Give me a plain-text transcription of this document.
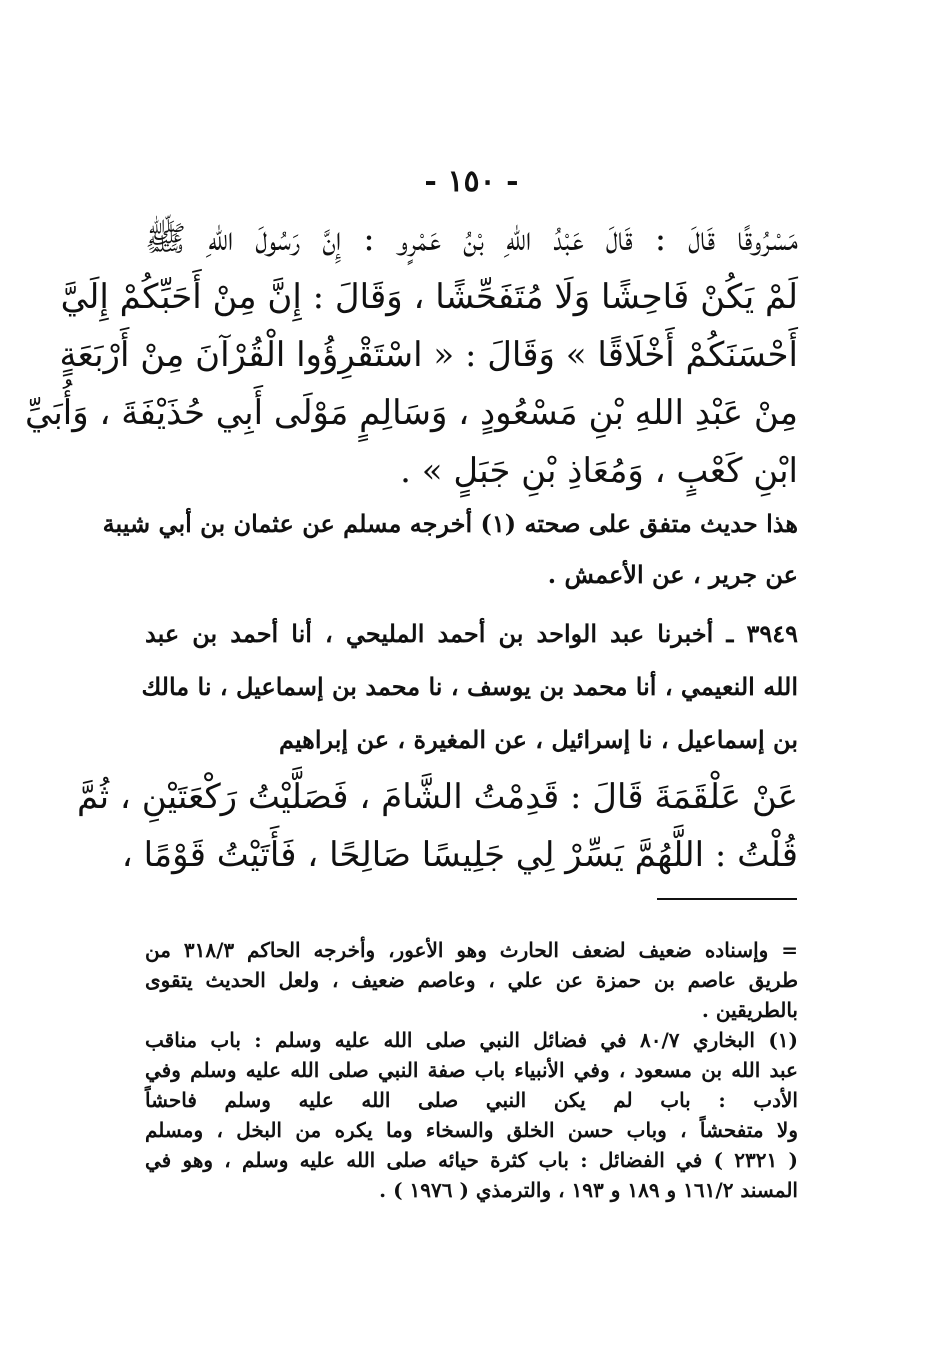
- ١٥٠ -
مَسْرُوقًا قَالَ : قَالَ عَبْدُ اللهِ بْنُ عَمْرٍو : إِنَّ رَسُولَ اللهِ ﷺ
لَمْ يَكُنْ فَاحِشًا وَلَا مُتَفَحِّشًا ، وَقَالَ : إِنَّ مِنْ أَحَبِّكُمْ إِلَيَّ
أَحْسَنَكُمْ أَخْلَاقًا » وَقَالَ : « اسْتَقْرِؤُوا الْقُرْآنَ مِنْ أَرْبَعَةٍ
مِنْ عَبْدِ اللهِ بْنِ مَسْعُودٍ ، وَسَالِمٍ مَوْلَى أَبِي حُذَيْفَةَ ، وَأُبَيِّ
ابْنِ كَعْبٍ ، وَمُعَاذِ بْنِ جَبَلٍ » .
هذا حديث متفق على صحته (١) أخرجه مسلم عن عثمان بن أبي شيبة
عن جرير ، عن الأعمش .
٣٩٤٩ ـ أخبرنا عبد الواحد بن أحمد المليحي ، أنا أحمد بن عبد
الله النعيمي ، أنا محمد بن يوسف ، نا محمد بن إسماعيل ، نا مالك
بن إسماعيل ، نا إسرائيل ، عن المغيرة ، عن إبراهيم
عَنْ عَلْقَمَةَ قَالَ : قَدِمْتُ الشَّامَ ، فَصَلَّيْتُ رَكْعَتَيْنِ ، ثُمَّ
قُلْتُ : اللَّهُمَّ يَسِّرْ لِي جَلِيسًا صَالِحًا ، فَأَتَيْتُ قَوْمًا ،
= وإسناده ضعيف لضعف الحارث وهو الأعور، وأخرجه الحاكم ٣١٨/٣ من
طريق عاصم بن حمزة عن علي ، وعاصم ضعيف ، ولعل الحديث يتقوى
بالطريقين .
(١) البخاري ٨٠/٧ في فضائل النبي صلى الله عليه وسلم : باب مناقب
عبد الله بن مسعود ، وفي الأنبياء باب صفة النبي صلى الله عليه وسلم وفي
الأدب : باب لم يكن النبي صلى الله عليه وسلم فاحشاً
ولا متفحشاً ، وباب حسن الخلق والسخاء وما يكره من البخل ، ومسلم
( ٢٣٢١ ) في الفضائل : باب كثرة حيائه صلى الله عليه وسلم ، وهو في
المسند ١٦١/٢ و ١٨٩ و ١٩٣ ، والترمذي ( ١٩٧٦ ) .
